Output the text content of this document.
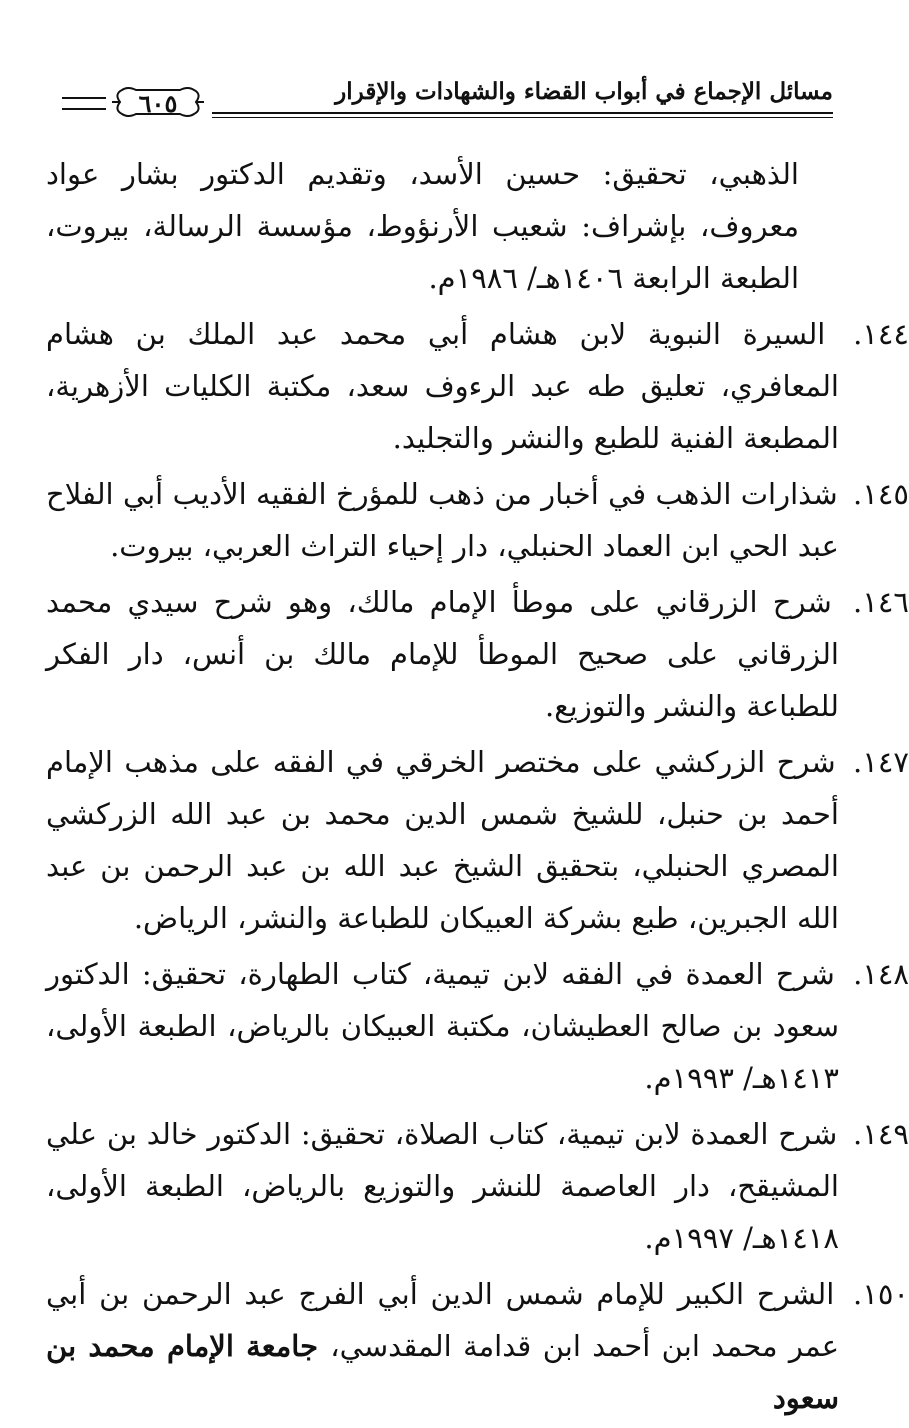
مسائل الإجماع في أبواب القضاء والشهادات والإقرار
٦٠٥
الذهبي، تحقيق: حسين الأسد، وتقديم الدكتور بشار عواد معروف، بإشراف: شعيب الأرنؤوط، مؤسسة الرسالة، بيروت، الطبعة الرابعة ١٤٠٦هـ/ ١٩٨٦م.
١٤٤. السيرة النبوية لابن هشام أبي محمد عبد الملك بن هشام المعافري، تعليق طه عبد الرءوف سعد، مكتبة الكليات الأزهرية، المطبعة الفنية للطبع والنشر والتجليد.
١٤٥. شذارات الذهب في أخبار من ذهب للمؤرخ الفقيه الأديب أبي الفلاح عبد الحي ابن العماد الحنبلي، دار إحياء التراث العربي، بيروت.
١٤٦. شرح الزرقاني على موطأ الإمام مالك، وهو شرح سيدي محمد الزرقاني على صحيح الموطأ للإمام مالك بن أنس، دار الفكر للطباعة والنشر والتوزيع.
١٤٧. شرح الزركشي على مختصر الخرقي في الفقه على مذهب الإمام أحمد بن حنبل، للشيخ شمس الدين محمد بن عبد الله الزركشي المصري الحنبلي، بتحقيق الشيخ عبد الله بن عبد الرحمن بن عبد الله الجبرين، طبع بشركة العبيكان للطباعة والنشر، الرياض.
١٤٨. شرح العمدة في الفقه لابن تيمية، كتاب الطهارة، تحقيق: الدكتور سعود بن صالح العطيشان، مكتبة العبيكان بالرياض، الطبعة الأولى، ١٤١٣هـ/ ١٩٩٣م.
١٤٩. شرح العمدة لابن تيمية، كتاب الصلاة، تحقيق: الدكتور خالد بن علي المشيقح، دار العاصمة للنشر والتوزيع بالرياض، الطبعة الأولى، ١٤١٨هـ/ ١٩٩٧م.
١٥٠. الشرح الكبير للإمام شمس الدين أبي الفرج عبد الرحمن بن أبي عمر محمد ابن أحمد ابن قدامة المقدسي، جامعة الإمام محمد بن سعود
